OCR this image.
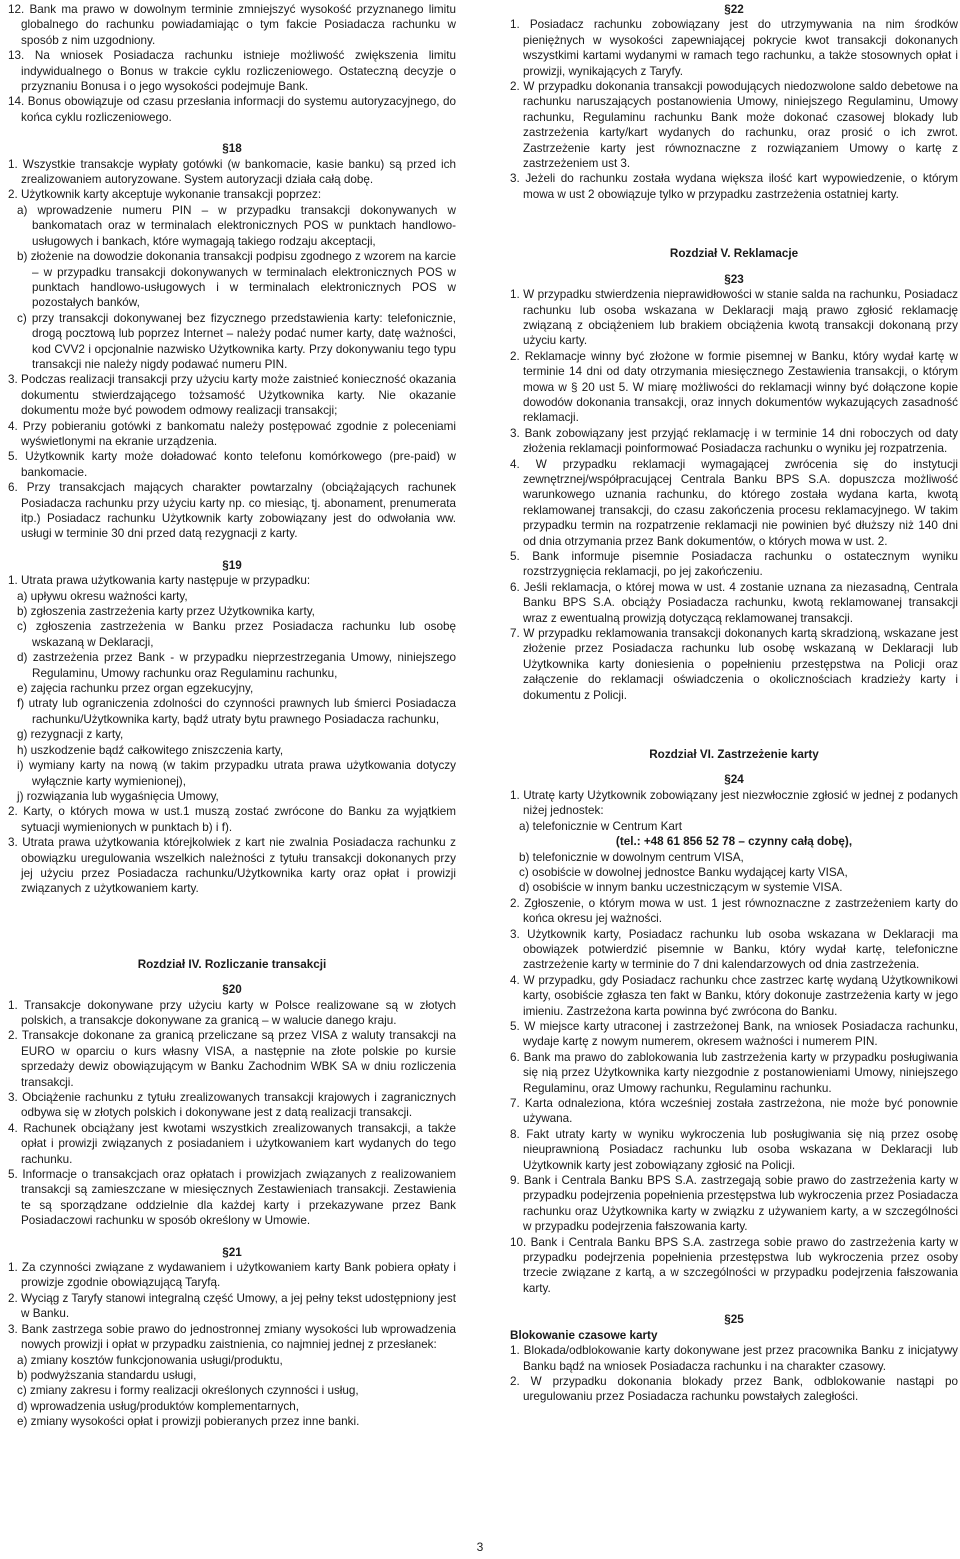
12. Bank ma prawo w dowolnym terminie zmniejszyć wysokość przyznanego limitu globalnego do rachunku powiadamiając o tym fakcie Posiadacza rachunku w sposób z nim uzgodniony.

13. Na wniosek Posiadacza rachunku istnieje możliwość zwiększenia limitu indywidualnego o Bonus w trakcie cyklu rozliczeniowego. Ostateczną decyzje o przyznaniu Bonusa i o jego wysokości podejmuje Bank.

14. Bonus obowiązuje od czasu przesłania informacji do systemu autoryzacyjnego, do końca cyklu rozliczeniowego.

§18

1. Wszystkie transakcje wypłaty gotówki (w bankomacie, kasie banku) są przed ich zrealizowaniem autoryzowane. System autoryzacji działa całą dobę.

2. Użytkownik karty akceptuje wykonanie transakcji poprzez:

a) wprowadzenie numeru PIN – w przypadku transakcji dokonywanych w bankomatach oraz w terminalach elektronicznych POS w punktach handlowo-usługowych i bankach, które wymagają takiego rodzaju akceptacji,

b) złożenie na dowodzie dokonania transakcji podpisu zgodnego z wzorem na karcie – w przypadku transakcji dokonywanych w terminalach elektronicznych POS w punktach handlowo-usługowych i w terminalach elektronicznych POS w pozostałych banków,

c) przy transakcji dokonywanej bez fizycznego przedstawienia karty: telefonicznie, drogą pocztową lub poprzez Internet – należy podać numer karty, datę ważności, kod CVV2 i opcjonalnie nazwisko Użytkownika karty. Przy dokonywaniu tego typu transakcji nie należy nigdy podawać numeru PIN.

3. Podczas realizacji transakcji przy użyciu karty może zaistnieć konieczność okazania dokumentu stwierdzającego tożsamość Użytkownika karty. Nie okazanie dokumentu może być powodem odmowy realizacji transakcji;

4. Przy pobieraniu gotówki z bankomatu należy postępować zgodnie z poleceniami wyświetlonymi na ekranie urządzenia.

5. Użytkownik karty może doładować konto telefonu komórkowego (pre-paid) w bankomacie.

6. Przy transakcjach mających charakter powtarzalny (obciążających rachunek Posiadacza rachunku przy użyciu karty np. co miesiąc, tj. abonament, prenumerata itp.) Posiadacz rachunku Użytkownik karty zobowiązany jest do odwołania ww. usługi w terminie 30 dni przed datą rezygnacji z karty.

§19

1. Utrata prawa użytkowania karty następuje w przypadku:

a) upływu okresu ważności karty,

b) zgłoszenia zastrzeżenia karty przez Użytkownika karty,

c) zgłoszenia zastrzeżenia w Banku przez Posiadacza rachunku lub osobę wskazaną w Deklaracji,

d) zastrzeżenia przez Bank - w przypadku nieprzestrzegania Umowy, niniejszego Regulaminu, Umowy rachunku oraz Regulaminu rachunku,

e) zajęcia rachunku przez organ egzekucyjny,

f) utraty lub ograniczenia zdolności do czynności prawnych lub śmierci Posiadacza rachunku/Użytkownika karty, bądź utraty bytu prawnego Posiadacza rachunku,

g) rezygnacji z karty,

h) uszkodzenie bądź całkowitego zniszczenia karty,

i) wymiany karty na nową (w takim przypadku utrata prawa użytkowania dotyczy wyłącznie karty wymienionej),

j) rozwiązania lub wygaśnięcia Umowy,

2. Karty, o których mowa w ust.1 muszą zostać zwrócone do Banku za wyjątkiem sytuacji wymienionych w punktach b) i f).

3. Utrata prawa użytkowania którejkolwiek z kart nie zwalnia Posiadacza rachunku z obowiązku uregulowania wszelkich należności z tytułu transakcji dokonanych przy jej użyciu przez Posiadacza rachunku/Użytkownika karty oraz opłat i prowizji związanych z użytkowaniem karty.

Rozdział IV. Rozliczanie transakcji

§20

1. Transakcje dokonywane przy użyciu karty w Polsce realizowane są w złotych polskich, a transakcje dokonywane za granicą – w walucie danego kraju.

2. Transakcje dokonane za granicą przeliczane są przez VISA z waluty transakcji na EURO w oparciu o kurs własny VISA, a następnie na złote polskie po kursie sprzedaży dewiz obowiązującym w Banku Zachodnim WBK SA w dniu rozliczenia transakcji.

3. Obciążenie rachunku z tytułu zrealizowanych transakcji krajowych i zagranicznych odbywa się w złotych polskich i dokonywane jest z datą realizacji transakcji.

4. Rachunek obciążany jest kwotami wszystkich zrealizowanych transakcji, a także opłat i prowizji związanych z posiadaniem i użytkowaniem kart wydanych do tego rachunku.

5. Informacje o transakcjach oraz opłatach i prowizjach związanych z realizowaniem transakcji są zamieszczane w miesięcznych Zestawieniach transakcji. Zestawienia te są sporządzane oddzielnie dla każdej karty i przekazywane przez Bank Posiadaczowi rachunku w sposób określony w Umowie.

§21

1. Za czynności związane z wydawaniem i użytkowaniem karty Bank pobiera opłaty i prowizje zgodnie obowiązującą Taryfą.

2. Wyciąg z Taryfy stanowi integralną część Umowy, a jej pełny tekst udostępniony jest w Banku.

3. Bank zastrzega sobie prawo do jednostronnej zmiany wysokości lub wprowadzenia nowych prowizji i opłat w przypadku zaistnienia, co najmniej jednej z przesłanek:

a) zmiany kosztów funkcjonowania usługi/produktu,

b) podwyższania standardu usługi,

c) zmiany zakresu i formy realizacji określonych czynności i usług,

d) wprowadzenia usług/produktów komplementarnych,

e) zmiany wysokości opłat i prowizji pobieranych przez inne banki.

§22

1. Posiadacz rachunku zobowiązany jest do utrzymywania na nim środków pieniężnych w wysokości zapewniającej pokrycie kwot transakcji dokonanych wszystkimi kartami wydanymi w ramach tego rachunku, a także stosownych opłat i prowizji, wynikających z Taryfy.

2. W przypadku dokonania transakcji powodujących niedozwolone saldo debetowe na rachunku naruszających postanowienia Umowy, niniejszego Regulaminu, Umowy rachunku, Regulaminu rachunku Bank może dokonać czasowej blokady lub zastrzeżenia karty/kart wydanych do rachunku, oraz prosić o ich zwrot. Zastrzeżenie karty jest równoznaczne z rozwiązaniem Umowy o kartę z zastrzeżeniem ust 3.

3. Jeżeli do rachunku została wydana większa ilość kart wypowiedzenie, o którym mowa w ust 2 obowiązuje tylko w przypadku zastrzeżenia ostatniej karty.

Rozdział V. Reklamacje

§23

1. W przypadku stwierdzenia nieprawidłowości w stanie salda na rachunku, Posiadacz rachunku lub osoba wskazana w Deklaracji mają prawo zgłosić reklamację związaną z obciążeniem lub brakiem obciążenia kwotą transakcji dokonaną przy użyciu karty.

2. Reklamacje winny być złożone w formie pisemnej w Banku, który wydał kartę w terminie 14 dni od daty otrzymania miesięcznego Zestawienia transakcji, o którym mowa w § 20 ust 5. W miarę możliwości do reklamacji winny być dołączone kopie dowodów dokonania transakcji, oraz innych dokumentów wykazujących zasadność reklamacji.

3. Bank zobowiązany jest przyjąć reklamację i w terminie 14 dni roboczych od daty złożenia reklamacji poinformować Posiadacza rachunku o wyniku jej rozpatrzenia.

4. W przypadku reklamacji wymagającej zwrócenia się do instytucji zewnętrznej/współpracującej Centrala Banku BPS S.A. dopuszcza możliwość warunkowego uznania rachunku, do którego została wydana karta, kwotą reklamowanej transakcji, do czasu zakończenia procesu reklamacyjnego. W takim przypadku termin na rozpatrzenie reklamacji nie powinien być dłuższy niż 140 dni od dnia otrzymania przez Bank dokumentów, o których mowa w ust. 2.

5. Bank informuje pisemnie Posiadacza rachunku o ostatecznym wyniku rozstrzygnięcia reklamacji, po jej zakończeniu.

6. Jeśli reklamacja, o której mowa w ust. 4 zostanie uznana za niezasadną, Centrala Banku BPS S.A. obciąży Posiadacza rachunku, kwotą reklamowanej transakcji wraz z ewentualną prowizją dotyczącą reklamowanej transakcji.

7. W przypadku reklamowania transakcji dokonanych kartą skradzioną, wskazane jest złożenie przez Posiadacza rachunku lub osobę wskazaną w Deklaracji lub Użytkownika karty doniesienia o popełnieniu przestępstwa na Policji oraz załączenie do reklamacji oświadczenia o okolicznościach kradzieży karty i dokumentu z Policji.

Rozdział VI. Zastrzeżenie karty

§24

1. Utratę karty Użytkownik zobowiązany jest niezwłocznie zgłosić w jednej z podanych niżej jednostek:

a) telefonicznie w Centrum Kart

(tel.: +48 61 856 52 78 – czynny całą dobę),

b) telefonicznie w dowolnym centrum VISA,

c) osobiście w dowolnej jednostce Banku wydającej karty VISA,

d) osobiście w innym banku uczestniczącym w systemie VISA.

2. Zgłoszenie, o którym mowa w ust. 1 jest równoznaczne z zastrzeżeniem karty do końca okresu jej ważności.

3. Użytkownik karty, Posiadacz rachunku lub osoba wskazana w Deklaracji ma obowiązek potwierdzić pisemnie w Banku, który wydał kartę, telefoniczne zastrzeżenie karty w terminie do 7 dni kalendarzowych od dnia zastrzeżenia.

4. W przypadku, gdy Posiadacz rachunku chce zastrzec kartę wydaną Użytkownikowi karty, osobiście zgłasza ten fakt w Banku, który dokonuje zastrzeżenia karty w jego imieniu. Zastrzeżona karta powinna być zwrócona do Banku.

5. W miejsce karty utraconej i zastrzeżonej Bank, na wniosek Posiadacza rachunku, wydaje kartę z nowym numerem, okresem ważności i numerem PIN.

6. Bank ma prawo do zablokowania lub zastrzeżenia karty w przypadku posługiwania się nią przez Użytkownika karty niezgodnie z postanowieniami Umowy, niniejszego Regulaminu, oraz Umowy rachunku, Regulaminu rachunku.

7. Karta odnaleziona, która wcześniej została zastrzeżona, nie może być ponownie używana.

8. Fakt utraty karty w wyniku wykroczenia lub posługiwania się nią przez osobę nieuprawnioną Posiadacz rachunku lub osoba wskazana w Deklaracji lub Użytkownik karty jest zobowiązany zgłosić na Policji.

9. Bank i Centrala Banku BPS S.A. zastrzegają sobie prawo do zastrzeżenia karty w przypadku podejrzenia popełnienia przestępstwa lub wykroczenia przez Posiadacza rachunku oraz Użytkownika karty w związku z używaniem karty, a w szczególności w przypadku podejrzenia fałszowania karty.

10. Bank i Centrala Banku BPS S.A. zastrzega sobie prawo do zastrzeżenia karty w przypadku podejrzenia popełnienia przestępstwa lub wykroczenia przez osoby trzecie związane z kartą, a w szczególności w przypadku podejrzenia fałszowania karty.

§25

Blokowanie czasowe karty

1. Blokada/odblokowanie karty dokonywane jest przez pracownika Banku z inicjatywy Banku bądź na wniosek Posiadacza rachunku i na charakter czasowy.

2. W przypadku dokonania blokady przez Bank, odblokowanie nastąpi po uregulowaniu przez Posiadacza rachunku powstałych zaległości.

3
